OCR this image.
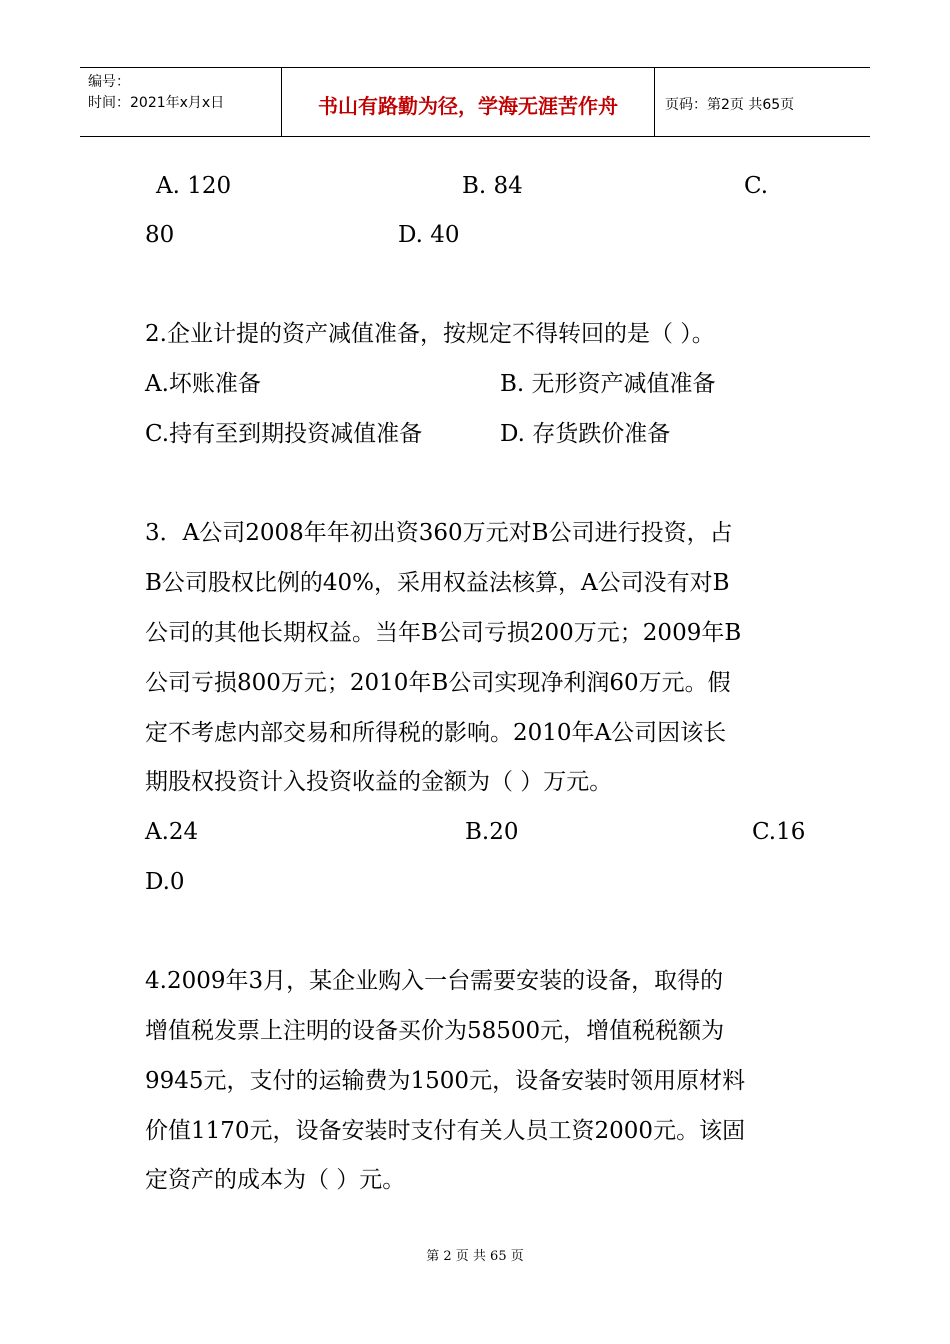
编号：
时间：2021年x月x日	书山有路勤为径，学海无涯苦作舟	页码：第2页 共65页
A. 120	B. 84	C.
80	D. 40
2.企业计提的资产减值准备，按规定不得转回的是（ ）。
A.坏账准备	B. 无形资产减值准备
C.持有至到期投资减值准备	D. 存货跌价准备
3．A公司2008年年初出资360万元对B公司进行投资，占
B公司股权比例的40%，采用权益法核算，A公司没有对B
公司的其他长期权益。当年B公司亏损200万元；2009年B
公司亏损800万元；2010年B公司实现净利润60万元。假
定不考虑内部交易和所得税的影响。2010年A公司因该长
期股权投资计入投资收益的金额为（ ）万元。
A.24	B.20	C.16
D.0
4.2009年3月，某企业购入一台需要安装的设备，取得的
增值税发票上注明的设备买价为58500元，增值税税额为
9945元，支付的运输费为1500元，设备安装时领用原材料
价值1170元，设备安装时支付有关人员工资2000元。该固
定资产的成本为（ ）元。
第 2 页 共 65 页
